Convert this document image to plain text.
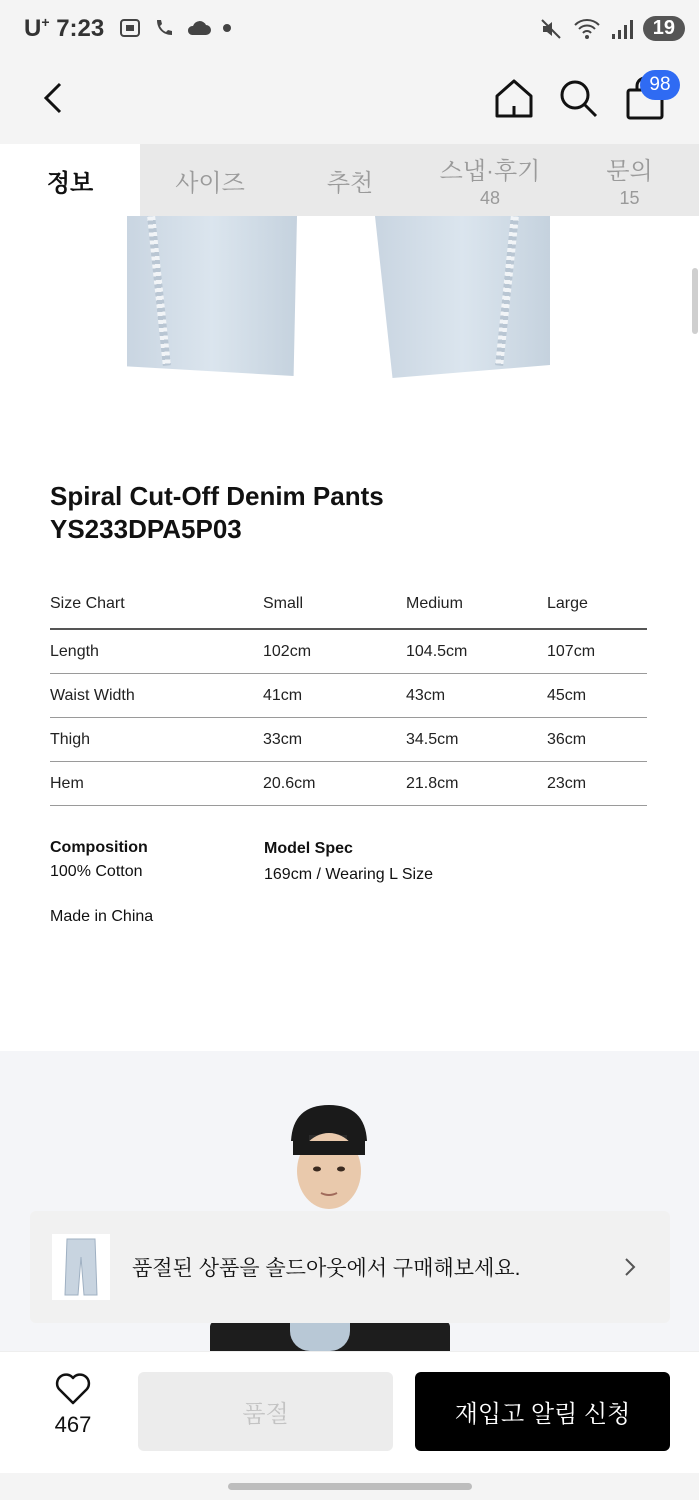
U+ 7:23	19
98
정보	사이즈	추천	스냅·후기
48
문의
15
Spiral Cut-Off Denim Pants
YS233DPA5P03
Size Chart	Small	Medium	Large
Length	102cm	104.5cm	107cm
Waist Width	41cm	43cm	45cm
Thigh	33cm	34.5cm	36cm
Hem	20.6cm	21.8cm	23cm
Composition
100% Cotton
Model Spec
169cm / Wearing L Size
Made in China
품절된 상품을 솔드아웃에서 구매해보세요.
467	품절	재입고 알림 신청
